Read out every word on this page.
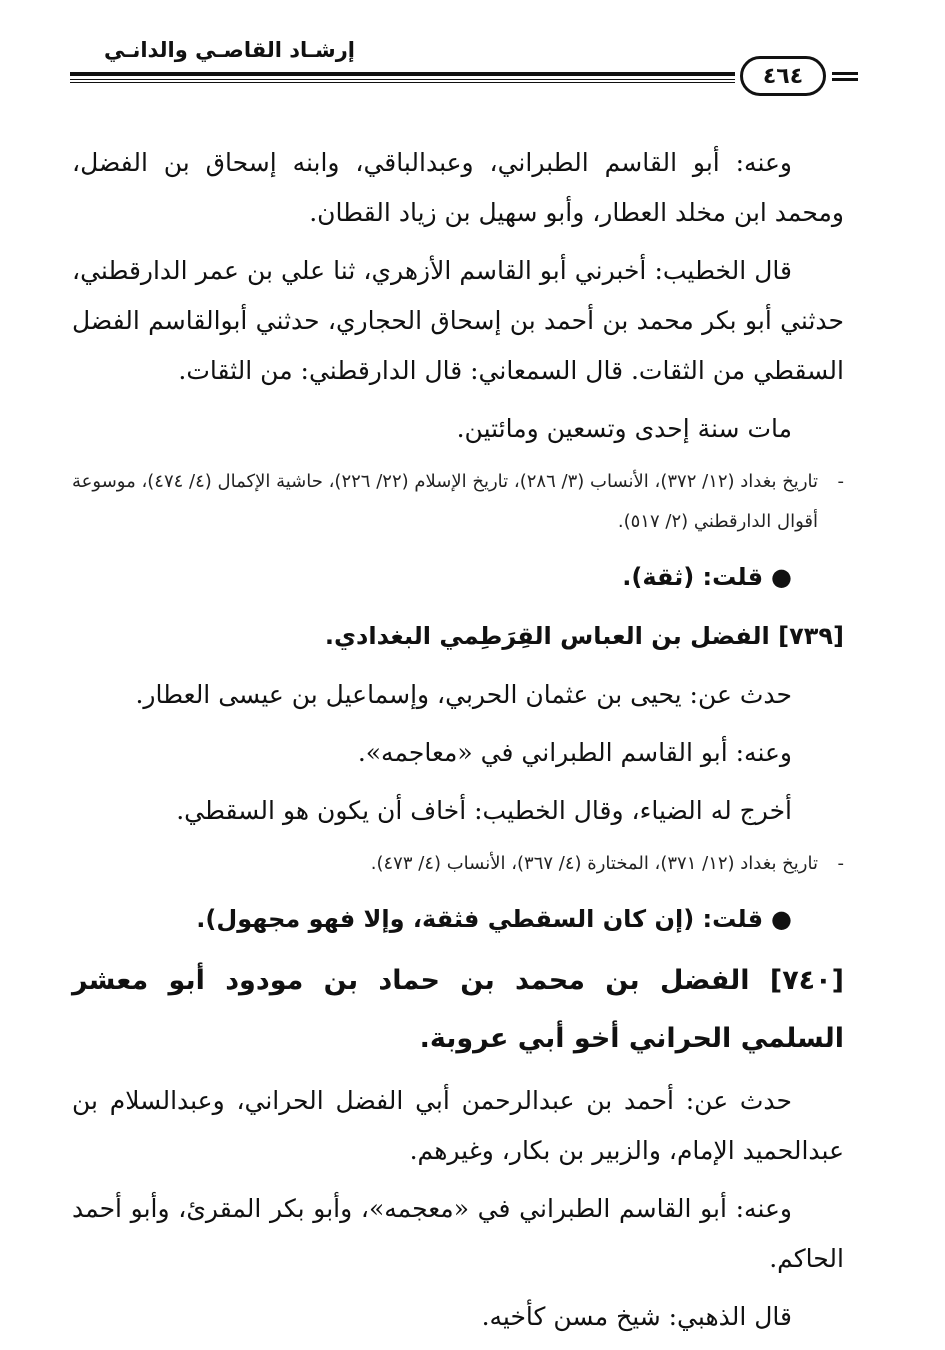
إرشـاد القاصـي والدانـي
٤٦٤

وعنه: أبو القاسم الطبراني، وعبدالباقي، وابنه إسحاق بن الفضل، ومحمد ابن مخلد العطار، وأبو سهيل بن زياد القطان.

قال الخطيب: أخبرني أبو القاسم الأزهري، ثنا علي بن عمر الدارقطني، حدثني أبو بكر محمد بن أحمد بن إسحاق الحجاري، حدثني أبوالقاسم الفضل السقطي من الثقات. قال السمعاني: قال الدارقطني: من الثقات.

مات سنة إحدى وتسعين ومائتين.

-
تاريخ بغداد (١٢/ ٣٧٢)، الأنساب (٣/ ٢٨٦)، تاريخ الإسلام (٢٢/ ٢٢٦)، حاشية الإكمال (٤/ ٤٧٤)، موسوعة أقوال الدارقطني (٢/ ٥١٧).
●قلت: (ثقة).
[٧٣٩] الفضل بن العباس القِرَطِمي البغدادي.

حدث عن: يحيى بن عثمان الحربي، وإسماعيل بن عيسى العطار.

وعنه: أبو القاسم الطبراني في «معاجمه».

أخرج له الضياء، وقال الخطيب: أخاف أن يكون هو السقطي.

-
تاريخ بغداد (١٢/ ٣٧١)، المختارة (٤/ ٣٦٧)، الأنساب (٤/ ٤٧٣).
●قلت: (إن كان السقطي فثقة، وإلا فهو مجهول).
[٧٤٠] الفضل بن محمد بن حماد بن مودود أبو معشر السلمي الحراني أخو أبي عروبة.

حدث عن: أحمد بن عبدالرحمن أبي الفضل الحراني، وعبدالسلام بن عبدالحميد الإمام، والزبير بن بكار، وغيرهم.

وعنه: أبو القاسم الطبراني في «معجمه»، وأبو بكر المقرئ، وأبو أحمد الحاكم.

قال الذهبي: شيخ مسن كأخيه.
